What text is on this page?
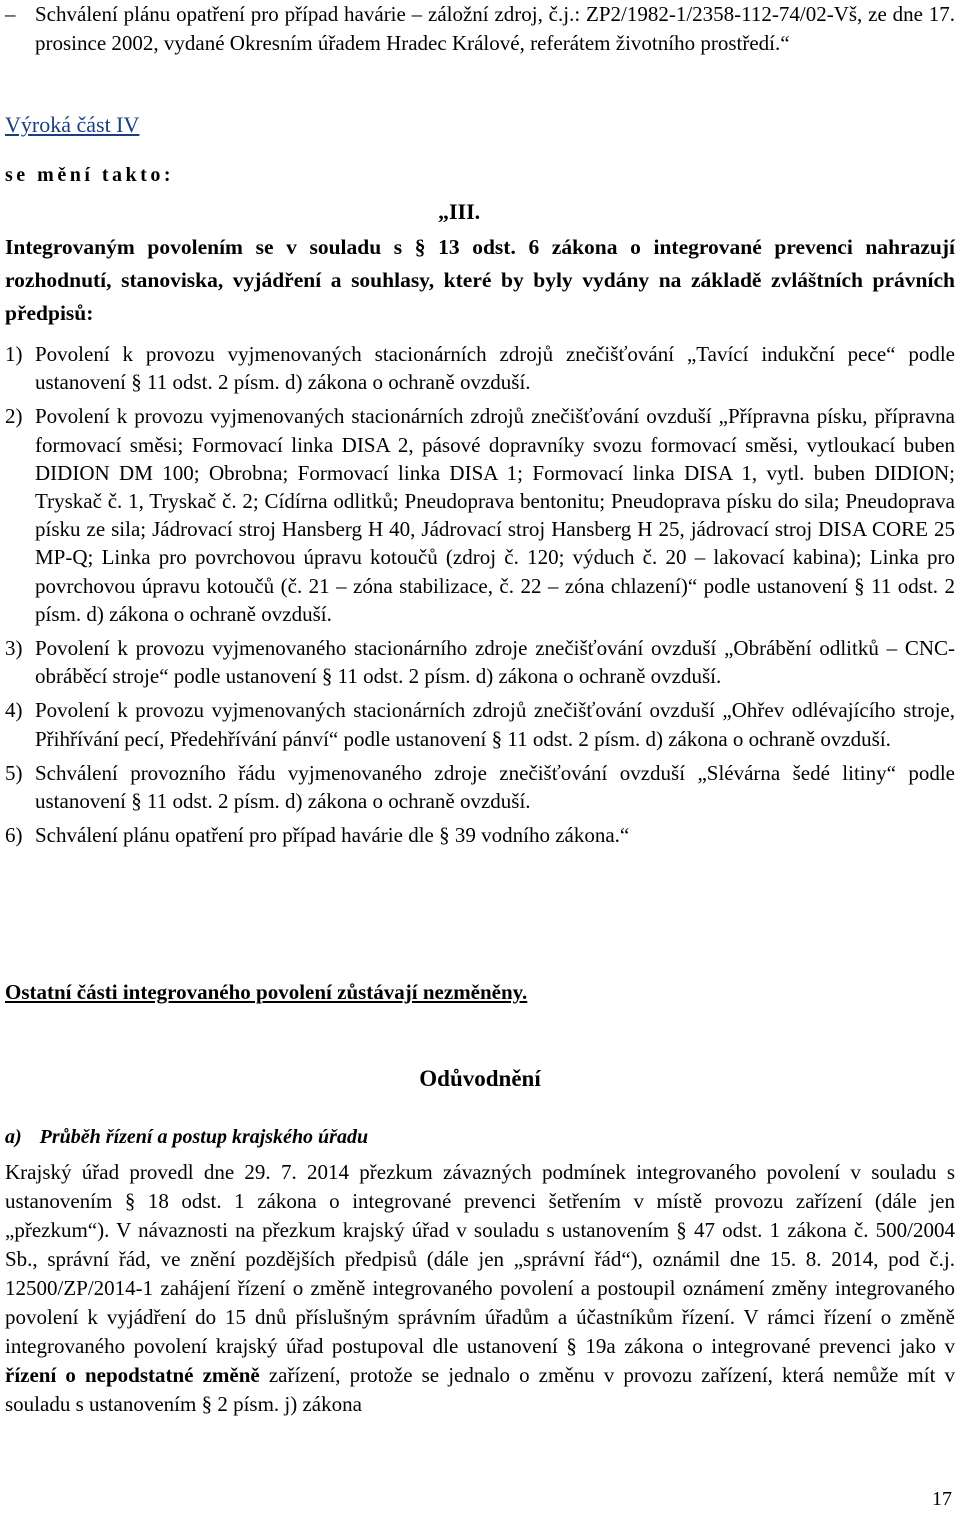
– Schválení plánu opatření pro případ havárie – záložní zdroj, č.j.: ZP2/1982-1/2358-112-74/02-Vš, ze dne 17. prosince 2002, vydané Okresním úřadem Hradec Králové, referátem životního prostředí.“
Výroká část IV
se mění takto:
„III.

Integrovaným povolením se v souladu s § 13 odst. 6 zákona o integrované prevenci nahrazují rozhodnutí, stanoviska, vyjádření a souhlasy, které by byly vydány na základě zvláštních právních předpisů:

1) Povolení k provozu vyjmenovaných stacionárních zdrojů znečišťování „Tavící indukční pece“ podle ustanovení § 11 odst. 2 písm. d) zákona o ochraně ovzduší.
2) Povolení k provozu vyjmenovaných stacionárních zdrojů znečišťování ovzduší „Přípravna písku, přípravna formovací směsi; Formovací linka DISA 2, pásové dopravníky svozu formovací směsi, vytloukací buben DIDION DM 100; Obrobna; Formovací linka DISA 1; Formovací linka DISA 1, vytl. buben DIDION; Tryskač č. 1, Tryskač č. 2; Cídírna odlitků; Pneudoprava bentonitu; Pneudoprava písku do sila; Pneudoprava písku ze sila; Jádrovací stroj Hansberg H 40, Jádrovací stroj Hansberg H 25, jádrovací stroj DISA CORE 25 MP-Q; Linka pro povrchovou úpravu kotoučů (zdroj č. 120; výduch č. 20 – lakovací kabina); Linka pro povrchovou úpravu kotoučů (č. 21 – zóna stabilizace, č. 22 – zóna chlazení)“ podle ustanovení § 11 odst. 2 písm. d) zákona o ochraně ovzduší.
3) Povolení k provozu vyjmenovaného stacionárního zdroje znečišťování ovzduší „Obrábění odlitků – CNC-obráběcí stroje“ podle ustanovení § 11 odst. 2 písm. d) zákona o ochraně ovzduší.
4) Povolení k provozu vyjmenovaných stacionárních zdrojů znečišťování ovzduší „Ohřev odlévajícího stroje, Přihřívání pecí, Předehřívání pánví“ podle ustanovení § 11 odst. 2 písm. d) zákona o ochraně ovzduší.
5) Schválení provozního řádu vyjmenovaného zdroje znečišťování ovzduší „Slévárna šedé litiny“ podle ustanovení § 11 odst. 2 písm. d) zákona o ochraně ovzduší.
6) Schválení plánu opatření pro případ havárie dle § 39 vodního zákona.“
Ostatní části integrovaného povolení zůstávají nezměněny.
Odůvodnění
a) Průběh řízení a postup krajského úřadu

Krajský úřad provedl dne 29. 7. 2014 přezkum závazných podmínek integrovaného povolení v souladu s ustanovením § 18 odst. 1 zákona o integrované prevenci šetřením v místě provozu zařízení (dále jen „přezkum“). V návaznosti na přezkum krajský úřad v souladu s ustanovením § 47 odst. 1 zákona č. 500/2004 Sb., správní řád, ve znění pozdějších předpisů (dále jen „správní řád“), oznámil dne 15. 8. 2014, pod č.j. 12500/ZP/2014-1 zahájení řízení o změně integrovaného povolení a postoupil oznámení změny integrovaného povolení k vyjádření do 15 dnů příslušným správním úřadům a účastníkům řízení. V rámci řízení o změně integrovaného povolení krajský úřad postupoval dle ustanovení § 19a zákona o integrované prevenci jako v řízení o nepodstatné změně zařízení, protože se jednalo o změnu v provozu zařízení, která nemůže mít v souladu s ustanovením § 2 písm. j) zákona

17
